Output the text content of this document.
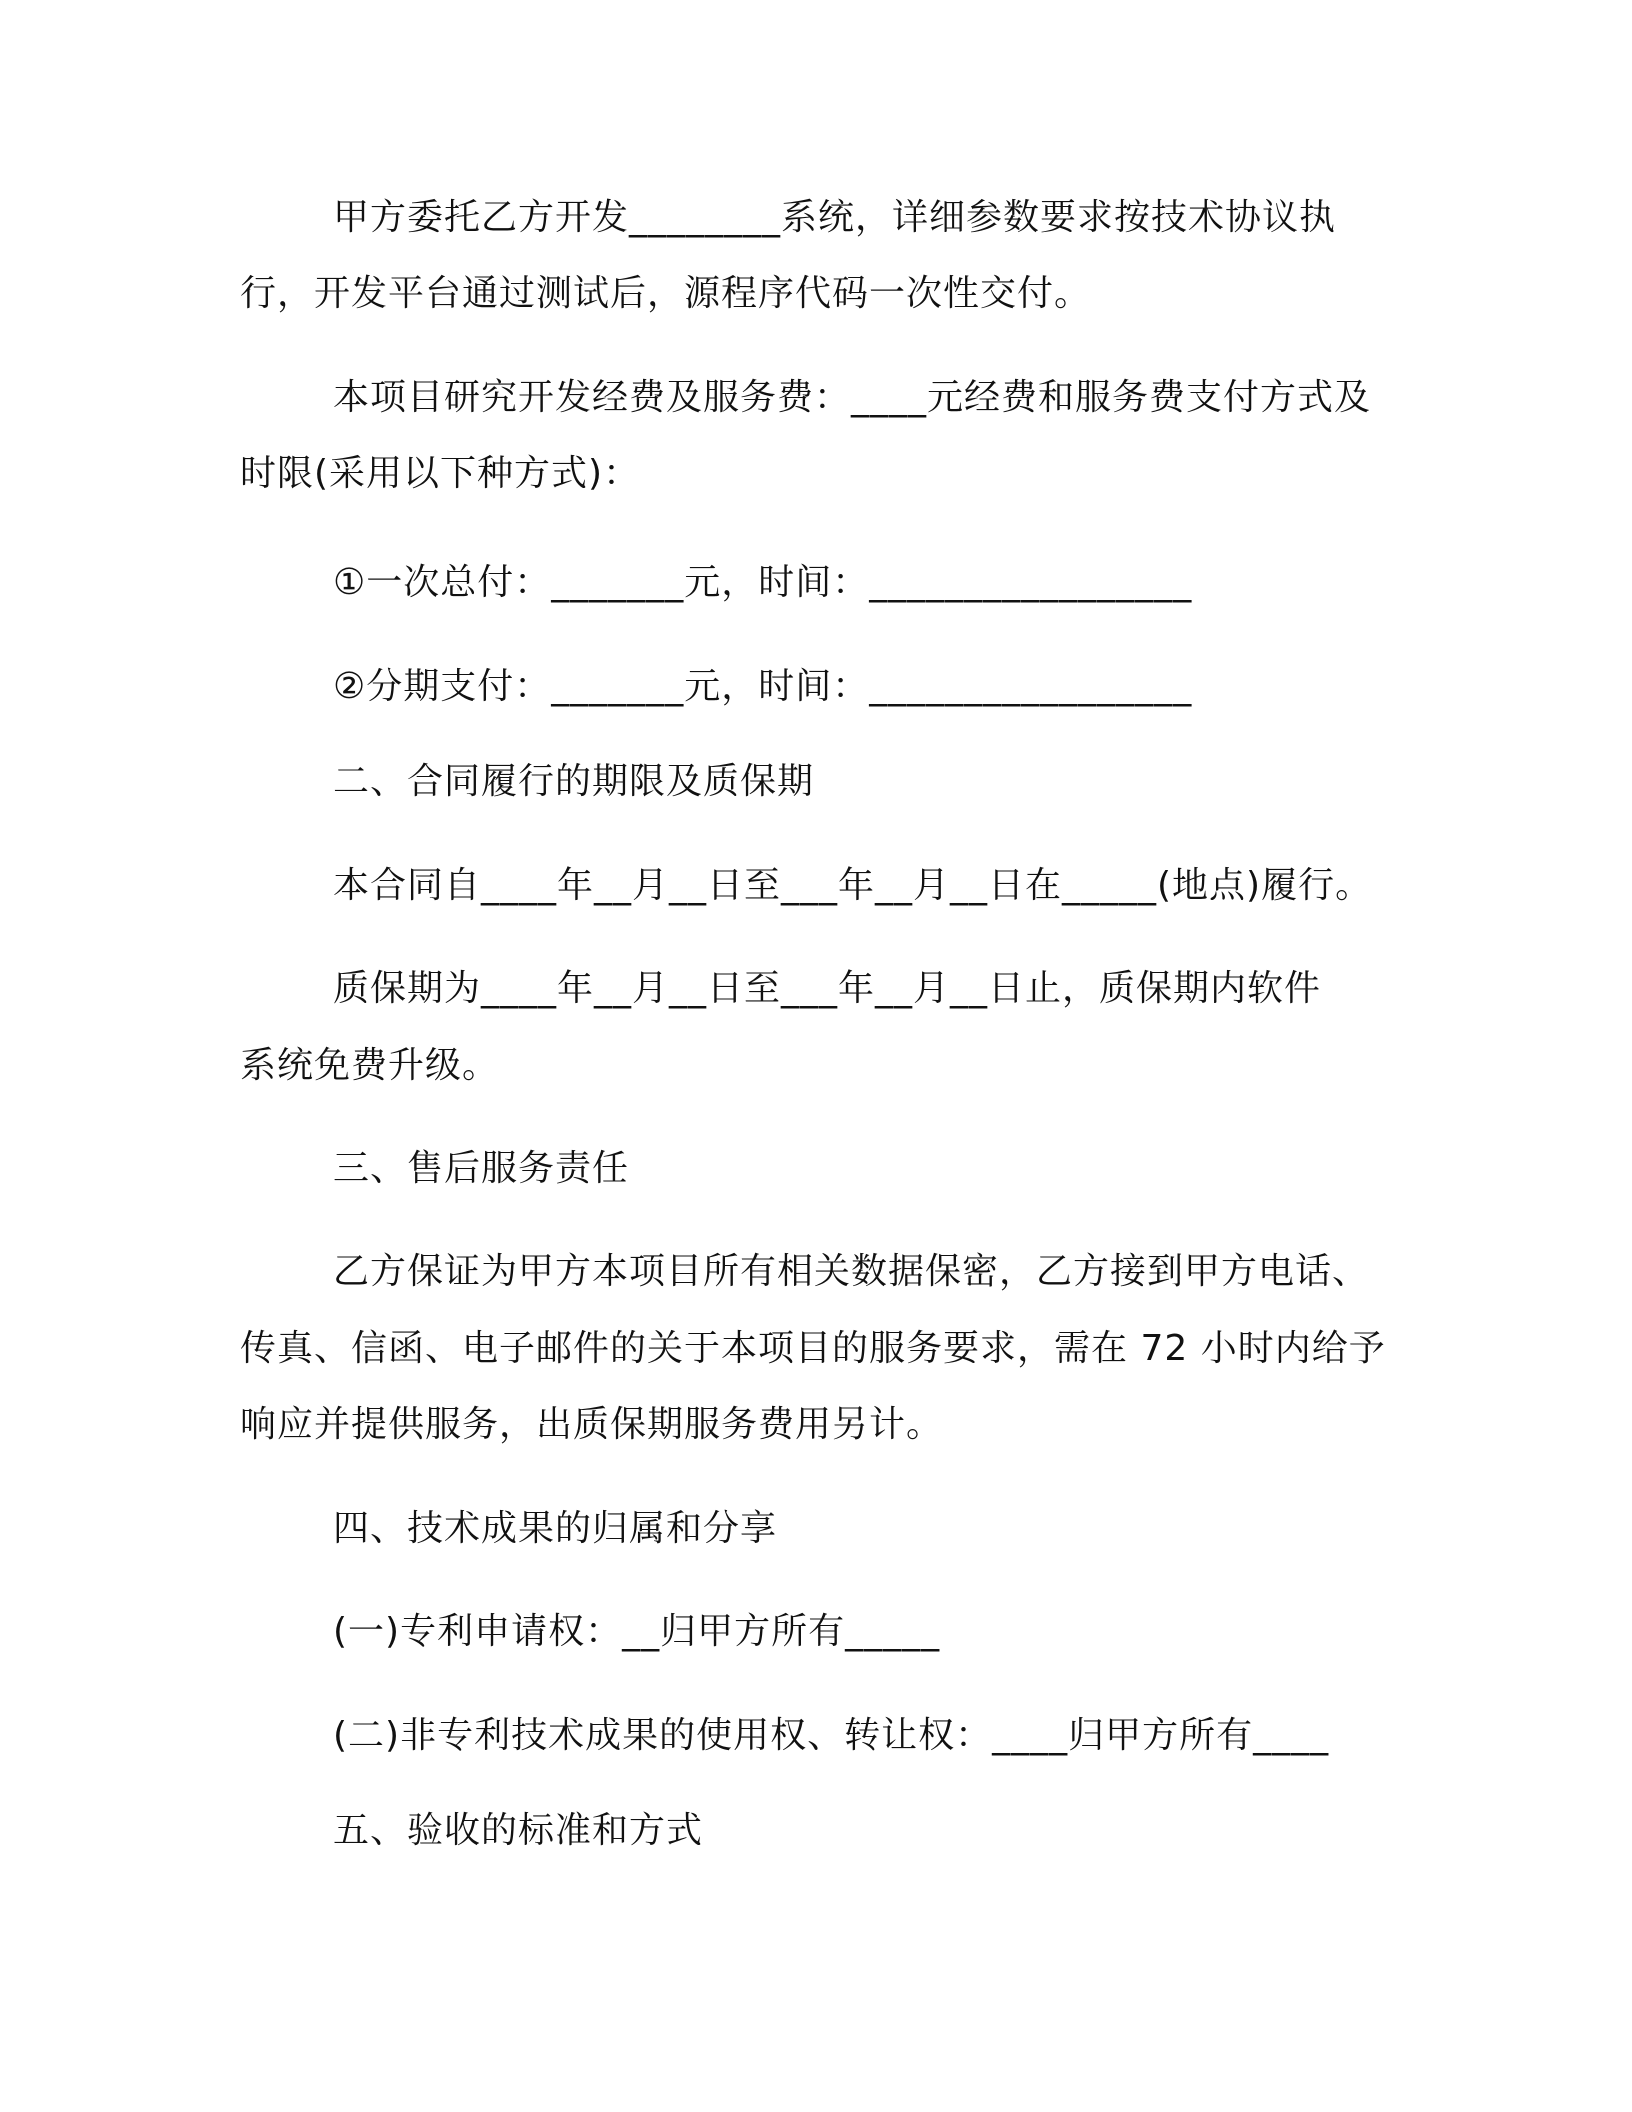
甲方委托乙方开发________系统，详细参数要求按技术协议执
行，开发平台通过测试后，源程序代码一次性交付。
本项目研究开发经费及服务费：____元经费和服务费支付方式及
时限(采用以下种方式)：
①一次总付：_______元，时间：_________________
②分期支付：_______元，时间：_________________
二、合同履行的期限及质保期
本合同自____年__月__日至___年__月__日在_____(地点)履行。
质保期为____年__月__日至___年__月__日止，质保期内软件
系统免费升级。
三、售后服务责任
乙方保证为甲方本项目所有相关数据保密，乙方接到甲方电话、
传真、信函、电子邮件的关于本项目的服务要求，需在 72 小时内给予
响应并提供服务，出质保期服务费用另计。
四、技术成果的归属和分享
(一)专利申请权：__归甲方所有_____
(二)非专利技术成果的使用权、转让权：____归甲方所有____
五、验收的标准和方式
